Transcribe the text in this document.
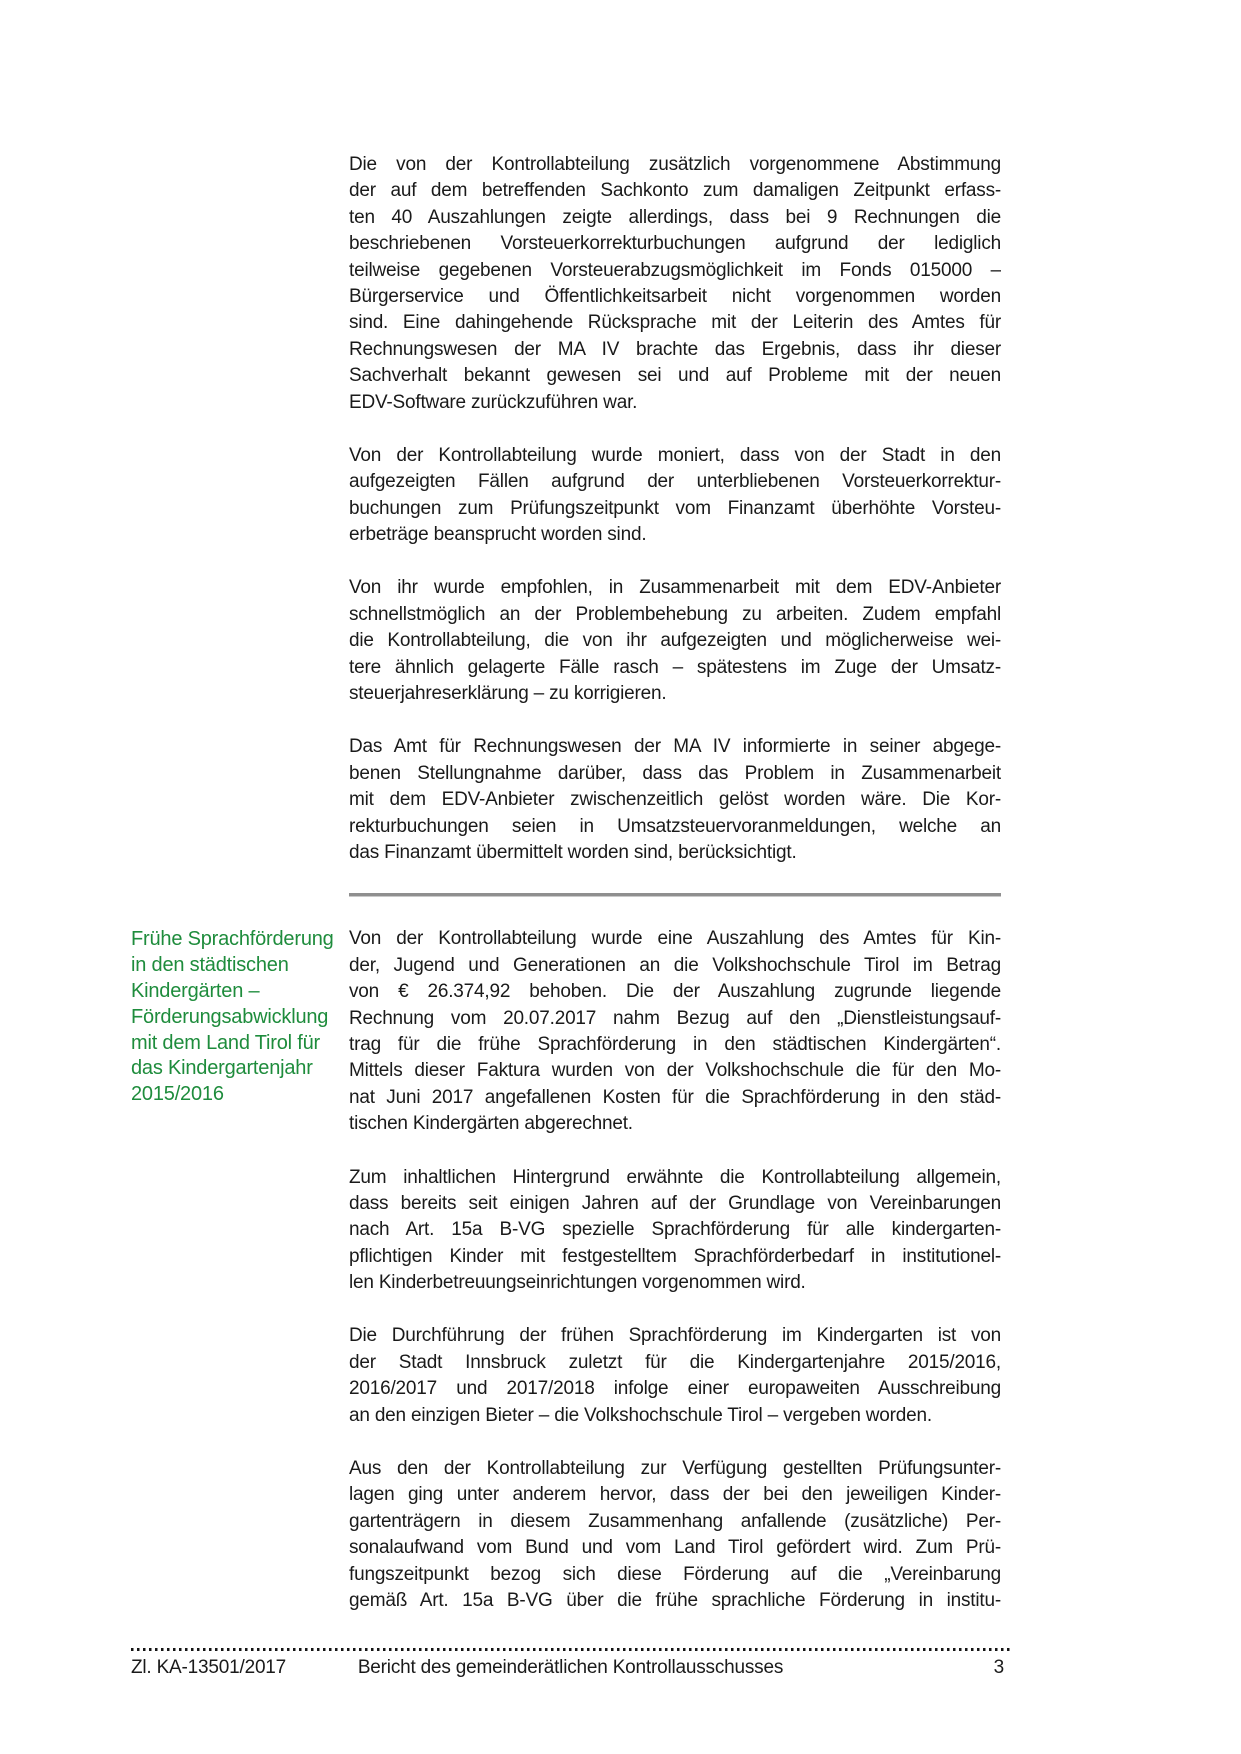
Die von der Kontrollabteilung zusätzlich vorgenommene Abstimmung
der auf dem betreffenden Sachkonto zum damaligen Zeitpunkt erfass-
ten 40 Auszahlungen zeigte allerdings, dass bei 9 Rechnungen die
beschriebenen Vorsteuerkorrekturbuchungen aufgrund der lediglich
teilweise gegebenen Vorsteuerabzugsmöglichkeit im Fonds 015000 –
Bürgerservice und Öffentlichkeitsarbeit nicht vorgenommen worden
sind. Eine dahingehende Rücksprache mit der Leiterin des Amtes für
Rechnungswesen der MA IV brachte das Ergebnis, dass ihr dieser
Sachverhalt bekannt gewesen sei und auf Probleme mit der neuen
EDV-Software zurückzuführen war.
Von der Kontrollabteilung wurde moniert, dass von der Stadt in den
aufgezeigten Fällen aufgrund der unterbliebenen Vorsteuerkorrektur-
buchungen zum Prüfungszeitpunkt vom Finanzamt überhöhte Vorsteu-
erbeträge beansprucht worden sind.
Von ihr wurde empfohlen, in Zusammenarbeit mit dem EDV-Anbieter
schnellstmöglich an der Problembehebung zu arbeiten. Zudem empfahl
die Kontrollabteilung, die von ihr aufgezeigten und möglicherweise wei-
tere ähnlich gelagerte Fälle rasch – spätestens im Zuge der Umsatz-
steuerjahreserklärung – zu korrigieren.
Das Amt für Rechnungswesen der MA IV informierte in seiner abgege-
benen Stellungnahme darüber, dass das Problem in Zusammenarbeit
mit dem EDV-Anbieter zwischenzeitlich gelöst worden wäre. Die Kor-
rekturbuchungen seien in Umsatzsteuervoranmeldungen, welche an
das Finanzamt übermittelt worden sind, berücksichtigt.
Von der Kontrollabteilung wurde eine Auszahlung des Amtes für Kin-
der, Jugend und Generationen an die Volkshochschule Tirol im Betrag
von € 26.374,92 behoben. Die der Auszahlung zugrunde liegende
Rechnung vom 20.07.2017 nahm Bezug auf den „Dienstleistungsauf-
trag für die frühe Sprachförderung in den städtischen Kindergärten“.
Mittels dieser Faktura wurden von der Volkshochschule die für den Mo-
nat Juni 2017 angefallenen Kosten für die Sprachförderung in den städ-
tischen Kindergärten abgerechnet.
Frühe Sprachförderung
in den städtischen
Kindergärten –
Förderungsabwicklung
mit dem Land Tirol für
das Kindergartenjahr
2015/2016
Zum inhaltlichen Hintergrund erwähnte die Kontrollabteilung allgemein,
dass bereits seit einigen Jahren auf der Grundlage von Vereinbarungen
nach Art. 15a B-VG spezielle Sprachförderung für alle kindergarten-
pflichtigen Kinder mit festgestelltem Sprachförderbedarf in institutionel-
len Kinderbetreuungseinrichtungen vorgenommen wird.
Die Durchführung der frühen Sprachförderung im Kindergarten ist von
der Stadt Innsbruck zuletzt für die Kindergartenjahre 2015/2016,
2016/2017 und 2017/2018 infolge einer europaweiten Ausschreibung
an den einzigen Bieter – die Volkshochschule Tirol – vergeben worden.
Aus den der Kontrollabteilung zur Verfügung gestellten Prüfungsunter-
lagen ging unter anderem hervor, dass der bei den jeweiligen Kinder-
gartenträgern in diesem Zusammenhang anfallende (zusätzliche) Per-
sonalaufwand vom Bund und vom Land Tirol gefördert wird. Zum Prü-
fungszeitpunkt bezog sich diese Förderung auf die „Vereinbarung
gemäß Art. 15a B-VG über die frühe sprachliche Förderung in institu-
Zl. KA-13501/2017	Bericht des gemeinderätlichen Kontrollausschusses	3
